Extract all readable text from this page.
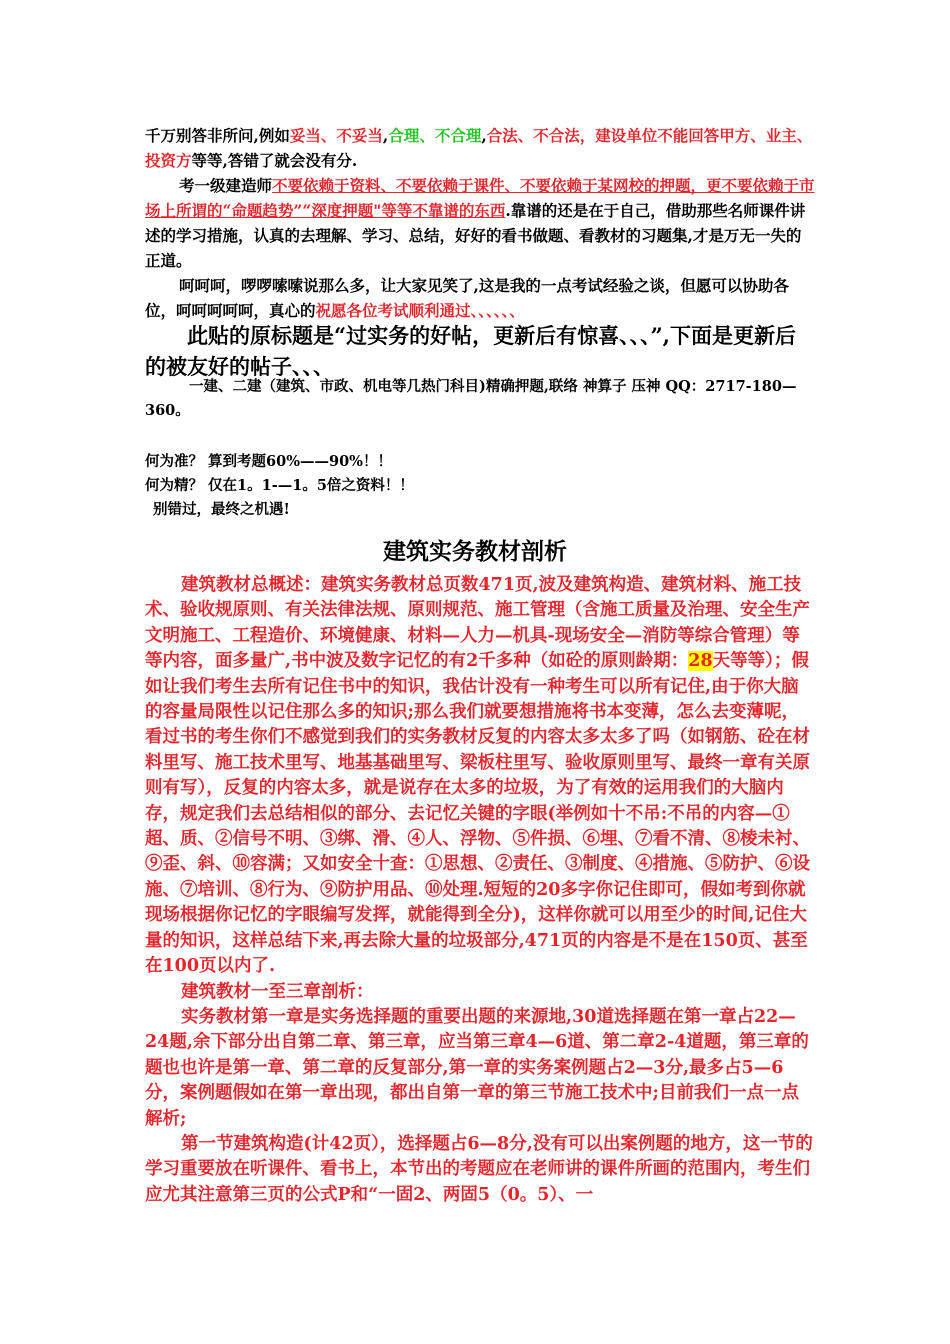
千万别答非所问,例如妥当、不妥当,合理、不合理,合法、不合法，建设单位不能回答甲方、业主、投资方等等,答错了就会没有分.

考一级建造师不要依赖于资料、不要依赖于课件、不要依赖于某网校的押题，更不要依赖于市场上所谓的“命题趋势”“深度押题"等等不靠谱的东西.靠谱的还是在于自己，借助那些名师课件讲述的学习措施，认真的去理解、学习、总结，好好的看书做题、看教材的习题集,才是万无一失的正道。

呵呵呵，啰啰嗦嗦说那么多，让大家见笑了,这是我的一点考试经验之谈，但愿可以协助各位，呵呵呵呵呵，真心的祝愿各位考试顺利通过、、、、、、

此贴的原标题是“过实务的好帖，更新后有惊喜、、、”,下面是更新后的被友好的帖子、、、

一建、二建（建筑、市政、机电等几热门科目)精确押题,联络 神算子 压神 QQ：2717-180—360。

何为准？ 算到考题60%——90%！！

何为精？ 仅在1。1-—1。5倍之资料！！

别错过，最终之机遇!

建筑实务教材剖析

建筑教材总概述：建筑实务教材总页数471页,波及建筑构造、建筑材料、施工技术、验收规原则、有关法律法规、原则规范、施工管理（含施工质量及治理、安全生产文明施工、工程造价、环境健康、材料—人力—机具-现场安全—消防等综合管理）等等内容，面多量广,书中波及数字记忆的有2千多种（如砼的原则龄期：28天等等）；假如让我们考生去所有记住书中的知识，我估计没有一种考生可以所有记住,由于你大脑的容量局限性以记住那么多的知识;那么我们就要想措施将书本变薄，怎么去变薄呢，看过书的考生你们不感觉到我们的实务教材反复的内容太多太多了吗（如钢筋、砼在材料里写、施工技术里写、地基基础里写、梁板柱里写、验收原则里写、最终一章有关原则有写），反复的内容太多，就是说存在太多的垃圾，为了有效的运用我们的大脑内存，规定我们去总结相似的部分、去记忆关键的字眼(举例如十不吊:不吊的内容—①超、质、②信号不明、③绑、滑、④人、浮物、⑤件损、⑥埋、⑦看不清、⑧棱未衬、⑨歪、斜、⑩容满；又如安全十查：①思想、②责任、③制度、④措施、⑤防护、⑥设施、⑦培训、⑧行为、⑨防护用品、⑩处理.短短的20多字你记住即可，假如考到你就现场根据你记忆的字眼编写发挥，就能得到全分)，这样你就可以用至少的时间,记住大量的知识，这样总结下来,再去除大量的垃圾部分,471页的内容是不是在150页、甚至在100页以内了.

建筑教材一至三章剖析：

实务教材第一章是实务选择题的重要出题的来源地,30道选择题在第一章占22—24题,余下部分出自第二章、第三章，应当第三章4—6道、第二章2-4道题，第三章的题也也许是第一章、第二章的反复部分,第一章的实务案例题占2—3分,最多占5—6分，案例题假如在第一章出现，都出自第一章的第三节施工技术中;目前我们一点一点解析;

第一节建筑构造(计42页），选择题占6—8分,没有可以出案例题的地方，这一节的学习重要放在听课件、看书上，本节出的考题应在老师讲的课件所画的范围内，考生们应尤其注意第三页的公式P和“一固2、两固5（0。5）、一
